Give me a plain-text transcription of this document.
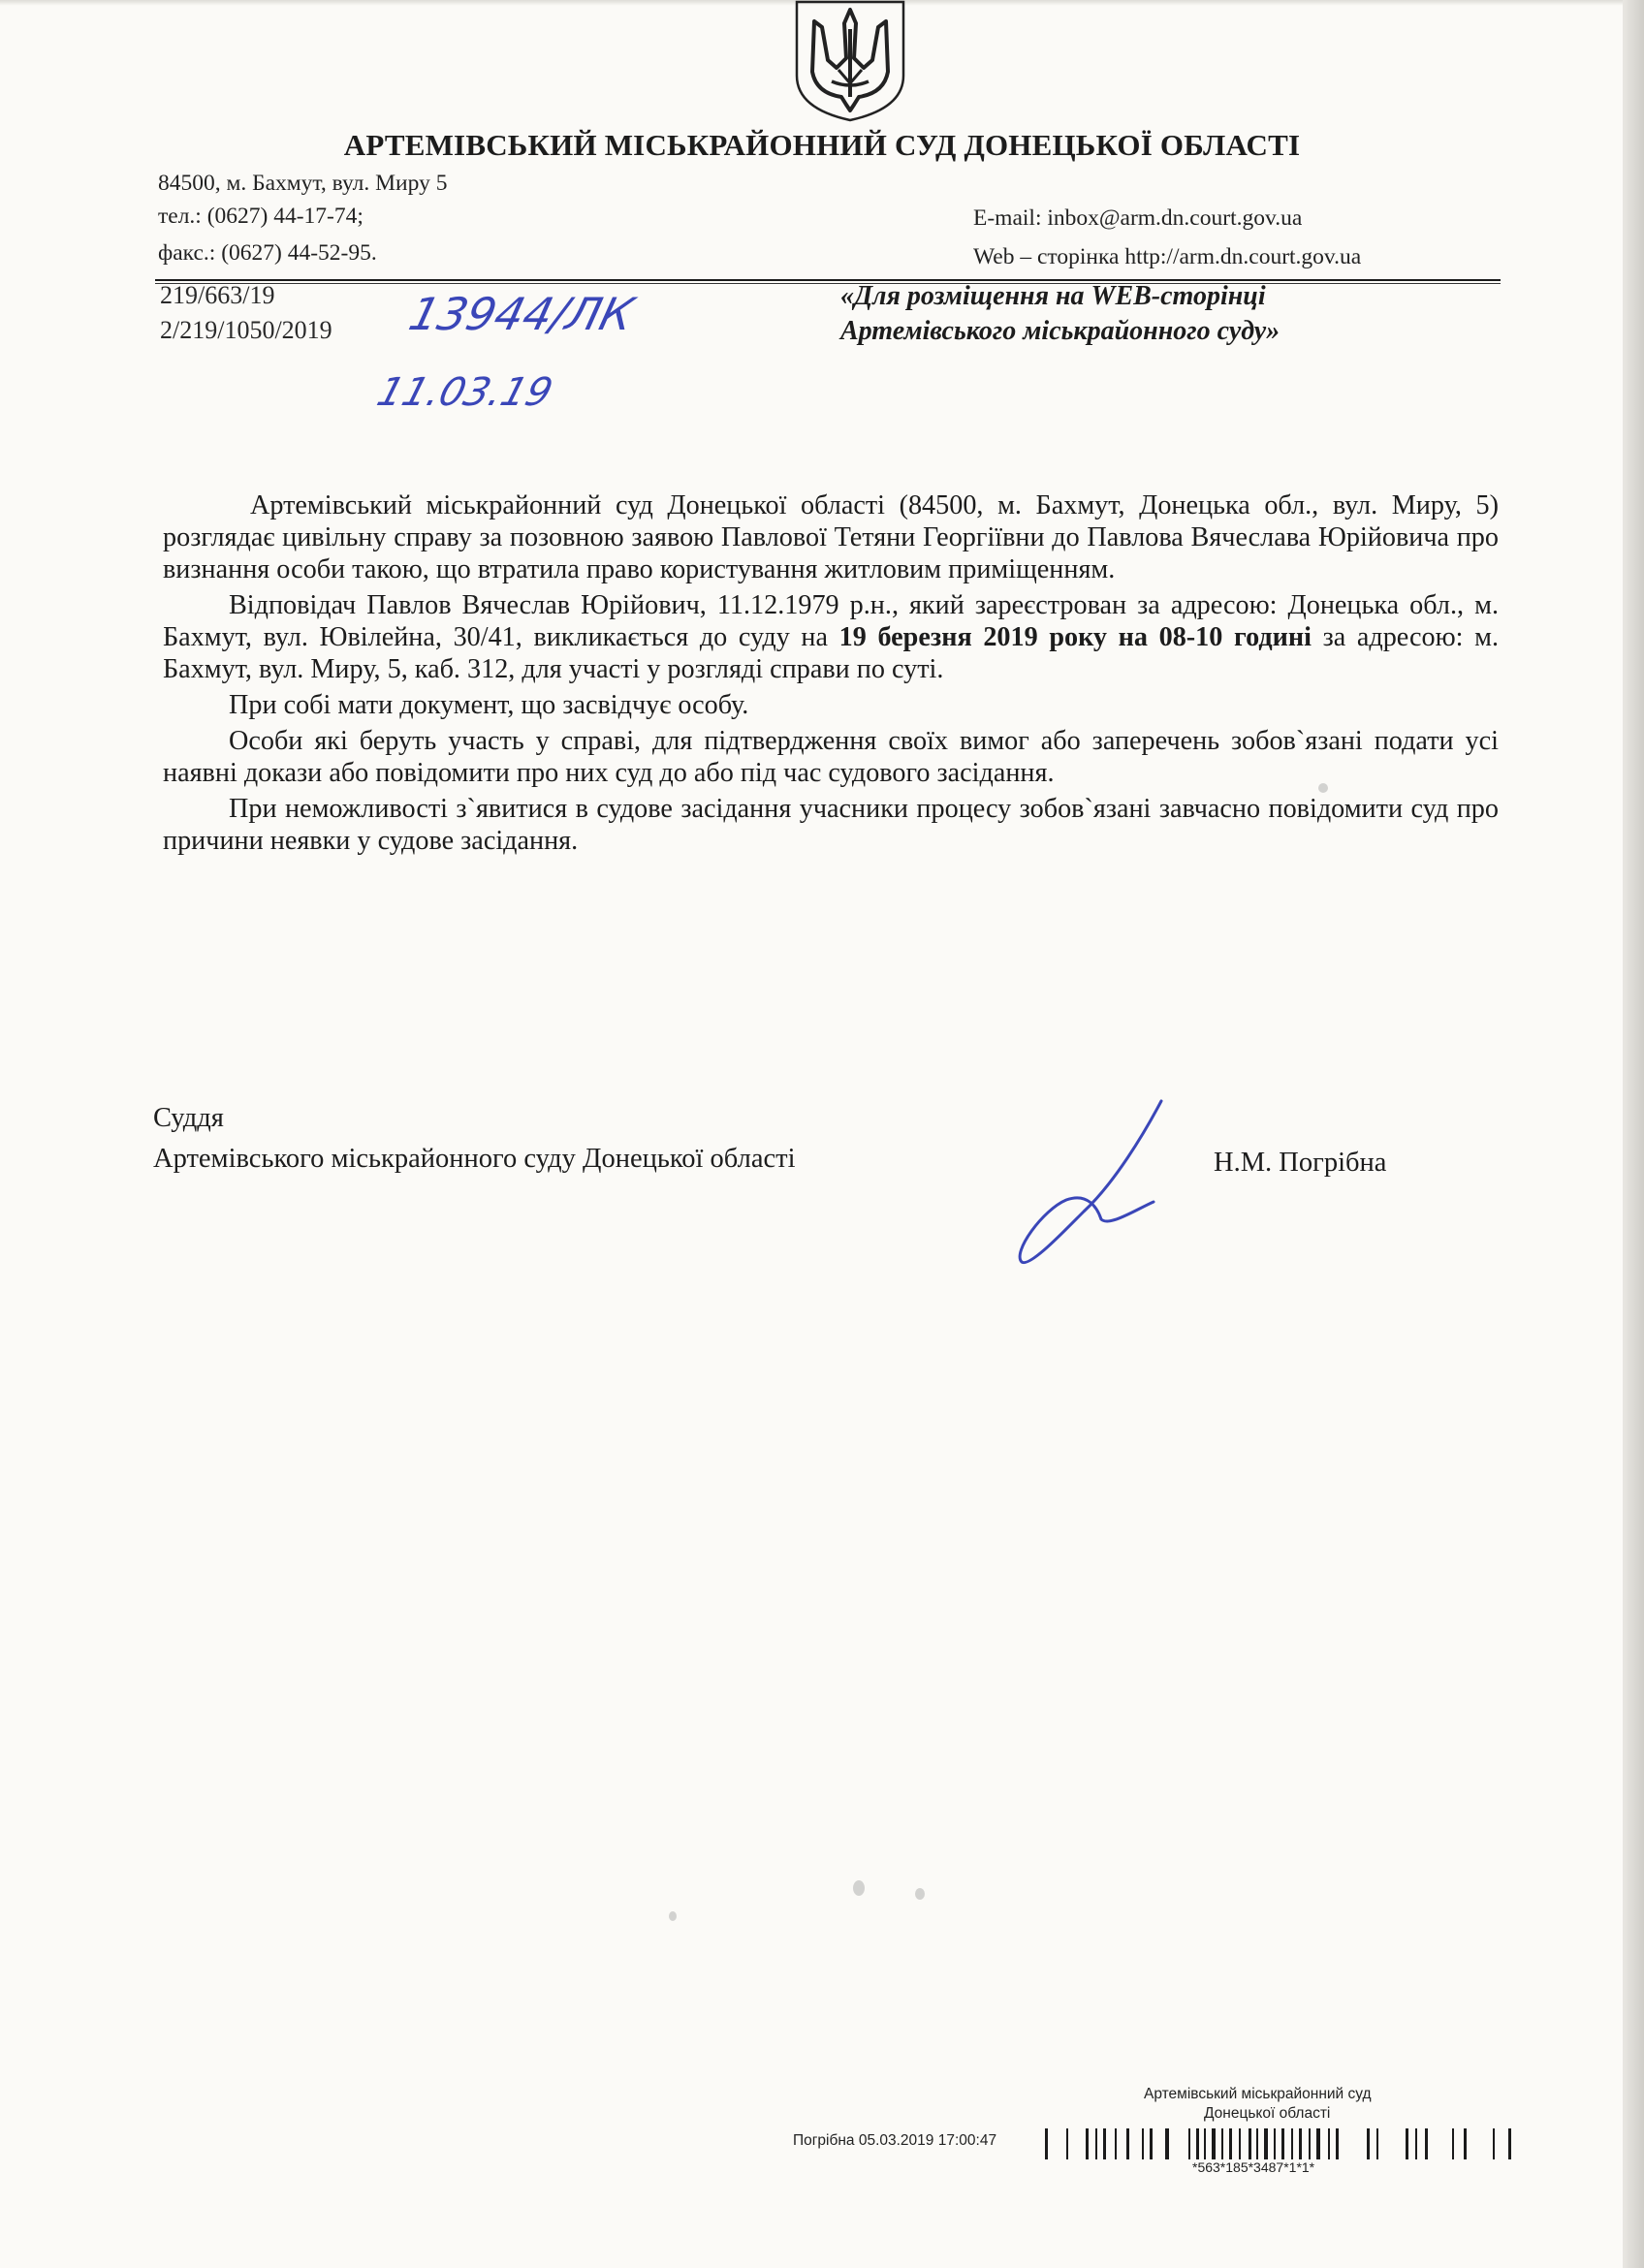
АРТЕМІВСЬКИЙ МІСЬКРАЙОННИЙ СУД ДОНЕЦЬКОЇ ОБЛАСТІ
84500, м. Бахмут, вул. Миру 5
тел.: (0627) 44-17-74;
факс.: (0627) 44-52-95.
E-mail: inbox@arm.dn.court.gov.ua
Web – сторінка http://arm.dn.court.gov.ua
219/663/19
2/219/1050/2019 13944/ЛК
11.03.19
«Для розміщення на WEB-сторінці
Артемівського міськрайонного суду»

Артемівський міськрайонний суд Донецької області (84500, м. Бахмут, Донецька обл., вул. Миру, 5) розглядає цивільну справу за позовною заявою Павлової Тетяни Георгіївни до Павлова Вячеслава Юрійовича про визнання особи такою, що втратила право користування житловим приміщенням.

Відповідач Павлов Вячеслав Юрійович, 11.12.1979 р.н., який зареєстрован за адресою: Донецька обл., м. Бахмут, вул. Ювілейна, 30/41, викликається до суду на 19 березня 2019 року на 08-10 годині за адресою: м. Бахмут, вул. Миру, 5, каб. 312, для участі у розгляді справи по суті.

При собі мати документ, що засвідчує особу.

Особи які беруть участь у справі, для підтвердження своїх вимог або заперечень зобов`язані подати усі наявні докази або повідомити про них суд до або під час судового засідання.

При неможливості з`явитися в судове засідання учасники процесу зобов`язані завчасно повідомити суд про причини неявки у судове засідання.

Суддя
Артемівського міськрайонного суду Донецької області	Н.М. Погрібна
Артемівський міськрайонний суд
Донецької області
Погрібна 05.03.2019 17:00:47
*563*185*3487*1*1*
